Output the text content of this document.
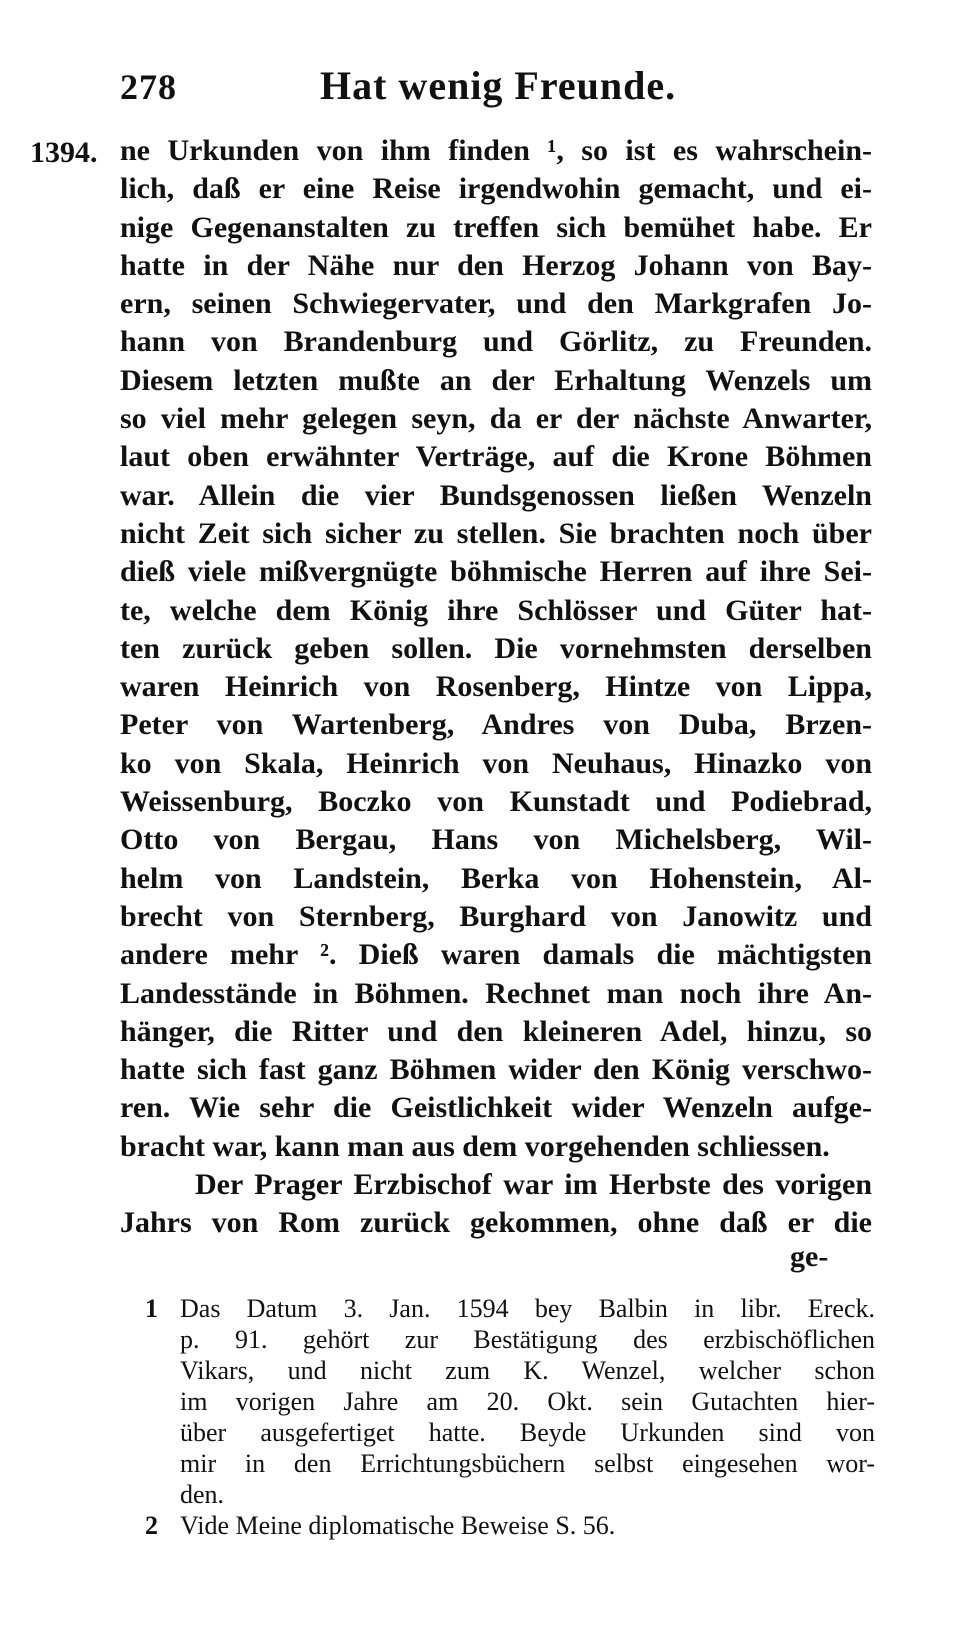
278	Hat wenig Freunde.
1394. ne Urkunden von ihm finden ¹, so ist es wahrschein-
lich, daß er eine Reise irgendwohin gemacht, und ei-
nige Gegenanstalten zu treffen sich bemühet habe. Er
hatte in der Nähe nur den Herzog Johann von Bay-
ern, seinen Schwiegervater, und den Markgrafen Jo-
hann von Brandenburg und Görlitz, zu Freunden.
Diesem letzten mußte an der Erhaltung Wenzels um
so viel mehr gelegen seyn, da er der nächste Anwarter,
laut oben erwähnter Verträge, auf die Krone Böhmen
war. Allein die vier Bundsgenossen ließen Wenzeln
nicht Zeit sich sicher zu stellen. Sie brachten noch über
dieß viele mißvergnügte böhmische Herren auf ihre Sei-
te, welche dem König ihre Schlösser und Güter hat-
ten zurück geben sollen. Die vornehmsten derselben
waren Heinrich von Rosenberg, Hintze von Lippa,
Peter von Wartenberg, Andres von Duba, Brzen-
ko von Skala, Heinrich von Neuhaus, Hinazko von
Weissenburg, Boczko von Kunstadt und Podiebrad,
Otto von Bergau, Hans von Michelsberg, Wil-
helm von Landstein, Berka von Hohenstein, Al-
brecht von Sternberg, Burghard von Janowitz und
andere mehr ². Dieß waren damals die mächtigsten
Landesstände in Böhmen. Rechnet man noch ihre An-
hänger, die Ritter und den kleineren Adel, hinzu, so
hatte sich fast ganz Böhmen wider den König verschwo-
ren. Wie sehr die Geistlichkeit wider Wenzeln aufge-
bracht war, kann man aus dem vorgehenden schliessen.
Der Prager Erzbischof war im Herbste des vorigen
Jahrs von Rom zurück gekommen, ohne daß er die
ge-
1 Das Datum 3. Jan. 1594 bey Balbin in libr. Ereck.
p. 91. gehört zur Bestätigung des erzbischöflichen
Vikars, und nicht zum K. Wenzel, welcher schon
im vorigen Jahre am 20. Okt. sein Gutachten hier-
über ausgefertiget hatte. Beyde Urkunden sind von
mir in den Errichtungsbüchern selbst eingesehen wor-
den.
2 Vide Meine diplomatische Beweise S. 56.
